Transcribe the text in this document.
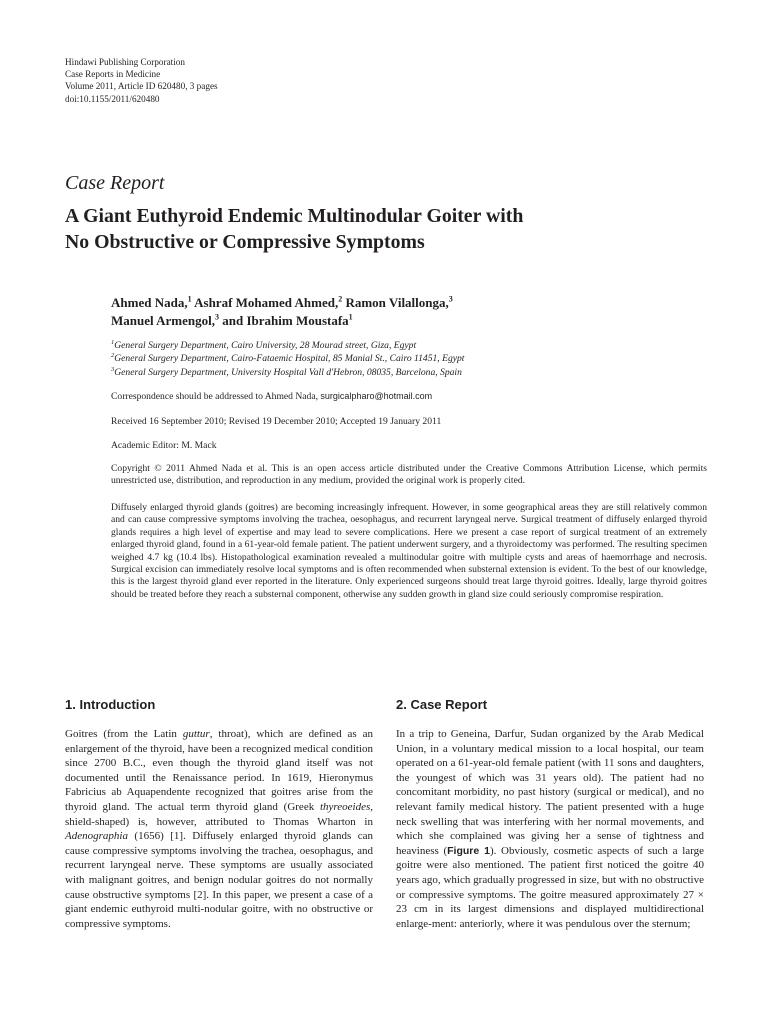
Hindawi Publishing Corporation
Case Reports in Medicine
Volume 2011, Article ID 620480, 3 pages
doi:10.1155/2011/620480
Case Report
A Giant Euthyroid Endemic Multinodular Goiter with
No Obstructive or Compressive Symptoms
Ahmed Nada,$^1$ Ashraf Mohamed Ahmed,$^2$ Ramon Vilallonga,$^3$
Manuel Armengol,$^3$ and Ibrahim Moustafa$^1$
$^1$General Surgery Department, Cairo University, 28 Mourad street, Giza, Egypt
$^2$General Surgery Department, Cairo-Fataemic Hospital, 85 Manial St., Cairo 11451, Egypt
$^3$General Surgery Department, University Hospital Vall d'Hebron, 08035, Barcelona, Spain
Correspondence should be addressed to Ahmed Nada, surgicalpharo@hotmail.com
Received 16 September 2010; Revised 19 December 2010; Accepted 19 January 2011
Academic Editor: M. Mack
Copyright © 2011 Ahmed Nada et al. This is an open access article distributed under the Creative Commons Attribution License, which permits unrestricted use, distribution, and reproduction in any medium, provided the original work is properly cited.
Diffusely enlarged thyroid glands (goitres) are becoming increasingly infrequent. However, in some geographical areas they are still relatively common and can cause compressive symptoms involving the trachea, oesophagus, and recurrent laryngeal nerve. Surgical treatment of diffusely enlarged thyroid glands requires a high level of expertise and may lead to severe complications. Here we present a case report of surgical treatment of an extremely enlarged thyroid gland, found in a 61-year-old female patient. The patient underwent surgery, and a thyroidectomy was performed. The resulting specimen weighed 4.7 kg (10.4 lbs). Histopathological examination revealed a multinodular goitre with multiple cysts and areas of haemorrhage and necrosis. Surgical excision can immediately resolve local symptoms and is often recommended when substernal extension is evident. To the best of our knowledge, this is the largest thyroid gland ever reported in the literature. Only experienced surgeons should treat large thyroid goitres. Ideally, large thyroid goitres should be treated before they reach a substernal component, otherwise any sudden growth in gland size could seriously compromise respiration.
1. Introduction
Goitres (from the Latin guttur, throat), which are defined as an enlargement of the thyroid, have been a recognized medical condition since 2700 B.C., even though the thyroid gland itself was not documented until the Renaissance period. In 1619, Hieronymus Fabricius ab Aquapendente recognized that goitres arise from the thyroid gland. The actual term thyroid gland (Greek thyreoeides, shield-shaped) is, however, attributed to Thomas Wharton in Adenographia (1656) [1]. Diffusely enlarged thyroid glands can cause compressive symptoms involving the trachea, oesophagus, and recurrent laryngeal nerve. These symptoms are usually associated with malignant goitres, and benign nodular goitres do not normally cause obstructive symptoms [2]. In this paper, we present a case of a giant endemic euthyroid multi-nodular goitre, with no obstructive or compressive symptoms.
2. Case Report
In a trip to Geneina, Darfur, Sudan organized by the Arab Medical Union, in a voluntary medical mission to a local hospital, our team operated on a 61-year-old female patient (with 11 sons and daughters, the youngest of which was 31 years old). The patient had no concomitant morbidity, no past history (surgical or medical), and no relevant family medical history. The patient presented with a huge neck swelling that was interfering with her normal movements, and which she complained was giving her a sense of tightness and heaviness (Figure 1). Obviously, cosmetic aspects of such a large goitre were also mentioned. The patient first noticed the goitre 40 years ago, which gradually progressed in size, but with no obstructive or compressive symptoms. The goitre measured approximately 27 × 23 cm in its largest dimensions and displayed multidirectional enlarge-ment: anteriorly, where it was pendulous over the sternum;
